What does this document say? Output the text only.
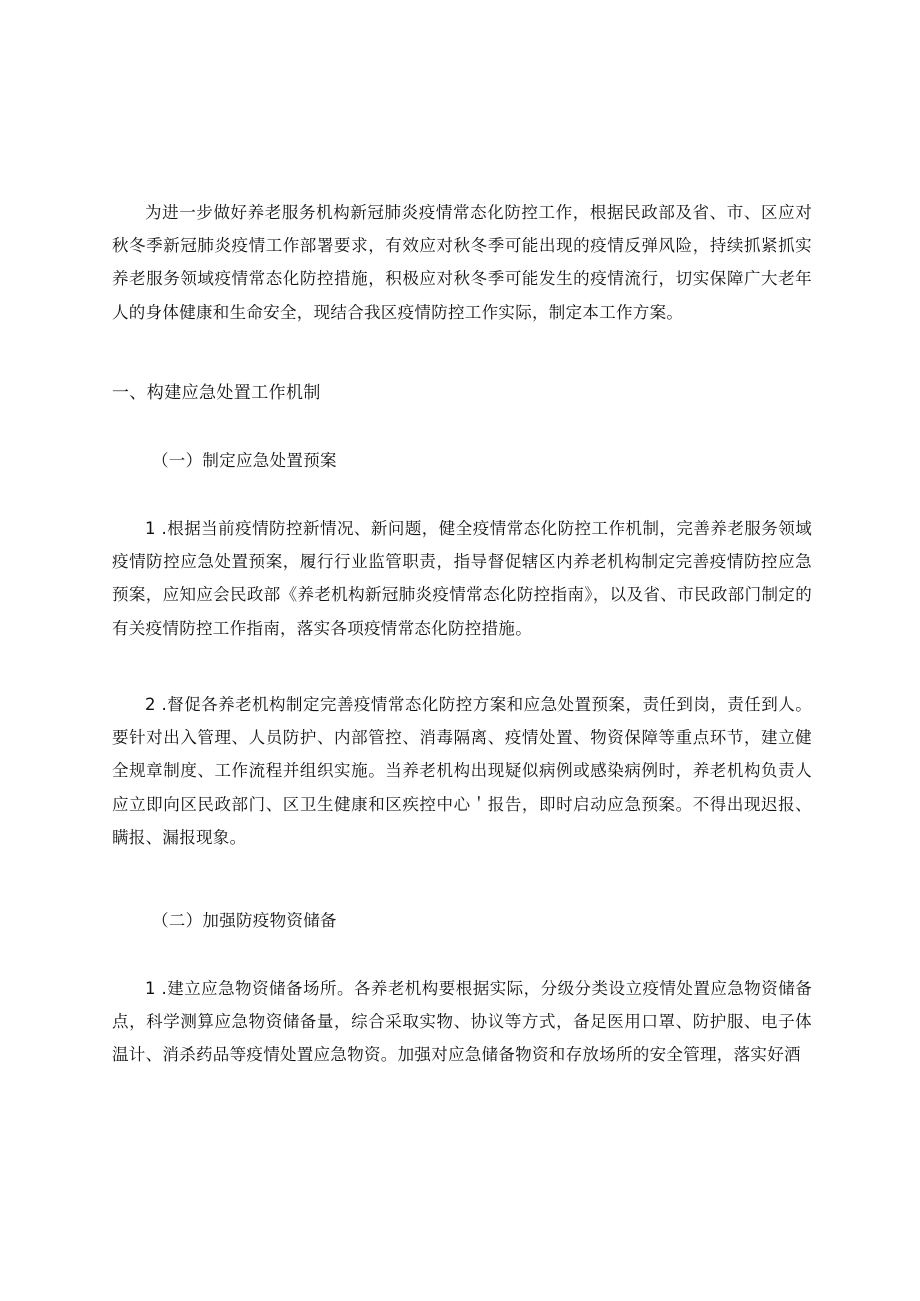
为进一步做好养老服务机构新冠肺炎疫情常态化防控工作，根据民政部及省、市、区应对秋冬季新冠肺炎疫情工作部署要求，有效应对秋冬季可能出现的疫情反弹风险，持续抓紧抓实养老服务领域疫情常态化防控措施，积极应对秋冬季可能发生的疫情流行，切实保障广大老年人的身体健康和生命安全，现结合我区疫情防控工作实际，制定本工作方案。

一、构建应急处置工作机制

（一）制定应急处置预案

1 .根据当前疫情防控新情况、新问题，健全疫情常态化防控工作机制，完善养老服务领域疫情防控应急处置预案，履行行业监管职责，指导督促辖区内养老机构制定完善疫情防控应急预案，应知应会民政部《养老机构新冠肺炎疫情常态化防控指南》，以及省、市民政部门制定的有关疫情防控工作指南，落实各项疫情常态化防控措施。

2 .督促各养老机构制定完善疫情常态化防控方案和应急处置预案，责任到岗，责任到人。要针对出入管理、人员防护、内部管控、消毒隔离、疫情处置、物资保障等重点环节，建立健全规章制度、工作流程并组织实施。当养老机构出现疑似病例或感染病例时，养老机构负责人应立即向区民政部门、区卫生健康和区疾控中心＇报告，即时启动应急预案。不得出现迟报、瞒报、漏报现象。

（二）加强防疫物资储备

1 .建立应急物资储备场所。各养老机构要根据实际，分级分类设立疫情处置应急物资储备点，科学测算应急物资储备量，综合采取实物、协议等方式，备足医用口罩、防护服、电子体温计、消杀药品等疫情处置应急物资。加强对应急储备物资和存放场所的安全管理，落实好酒
